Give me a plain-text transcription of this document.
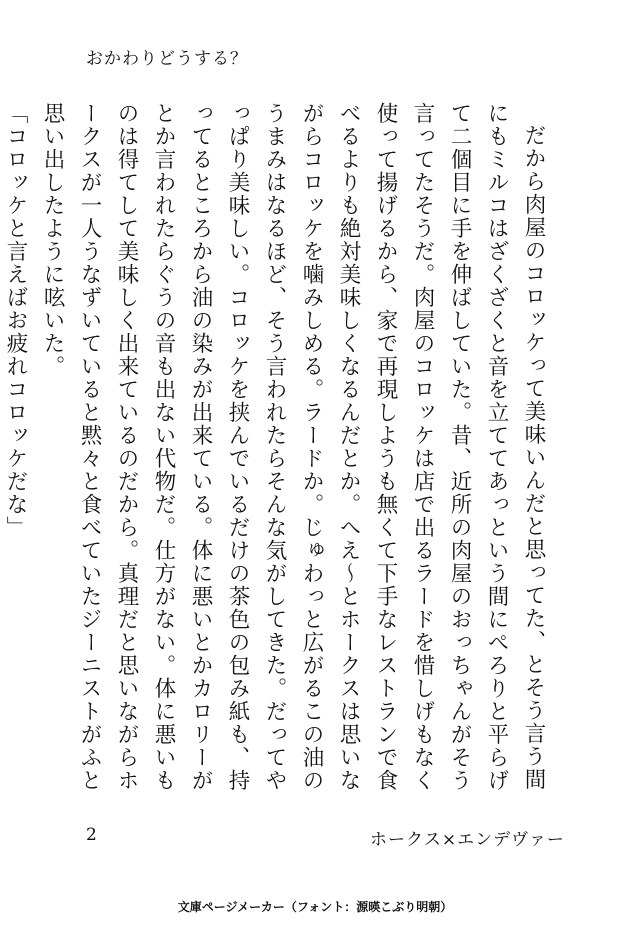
おかわりどうする？

だから肉屋のコロッケって美味いんだと思ってた、とそう言う間にもミルコはざくざくと音を立ててあっという間にぺろりと平らげて二個目に手を伸ばしていた。昔、近所の肉屋のおっちゃんがそう言ってたそうだ。肉屋のコロッケは店で出るラードを惜しげもなく使って揚げるから、家で再現しようも無くて下手なレストランで食べるよりも絶対美味しくなるんだとか。へえ〜とホークスは思いながらコロッケを噛みしめる。ラードか。じゅわっと広がるこの油のうまみはなるほど、そう言われたらそんな気がしてきた。だってやっぱり美味しい。コロッケを挟んでいるだけの茶色の包み紙も、持ってるところから油の染みが出来ている。体に悪いとかカロリーがとか言われたらぐうの音も出ない代物だ。仕方がない。体に悪いものは得てして美味しく出来ているのだから。真理だと思いながらホークスが一人うなずいていると黙々と食べていたジーニストがふと思い出したように呟いた。

「コロッケと言えばお疲れコロッケだな」

2	ホークス×エンデヴァー
文庫ページメーカー（フォント：源暎こぶり明朝）
